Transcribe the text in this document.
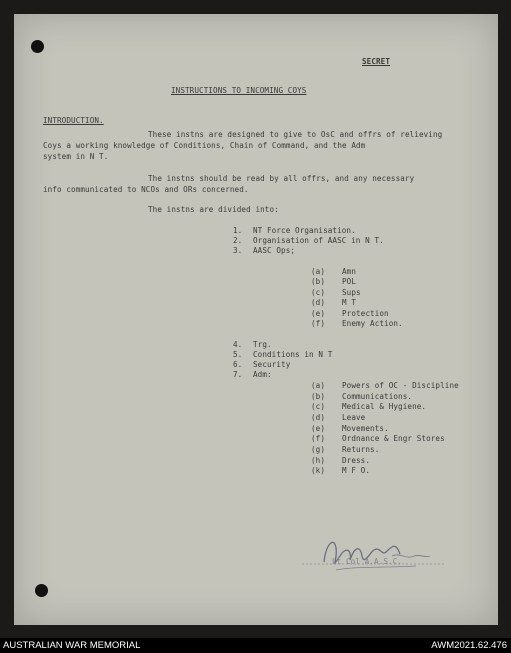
SECRET
INSTRUCTIONS TO INCOMING COYS
INTRODUCTION.
These instns are designed to give to OsC and offrs of relieving
Coys a working knowledge of Conditions, Chain of Command, and the Adm
system in N T.
The instns should be read by all offrs, and any necessary
info communicated to NCOs and ORs concerned.
The instns are divided into:
1. NT Force Organisation.
2. Organisation of AASC in N T.
3. AASC Ops;
(a) Amn
(b) POL
(c) Sups
(d) M T
(e) Protection
(f) Enemy Action.
4. Trg.
5. Conditions in N T
6. Security
7. Adm:
(a) Powers of OC - Discipline
(b) Communications.
(c) Medical & Hygiene.
(d) Leave
(e) Movements.
(f) Ordnance & Engr Stores
(g) Returns.
(h) Dress.
(k) M F O.
Lt Col A.A.S.C.
AUSTRALIAN WAR MEMORIAL	AWM2021.62.476
